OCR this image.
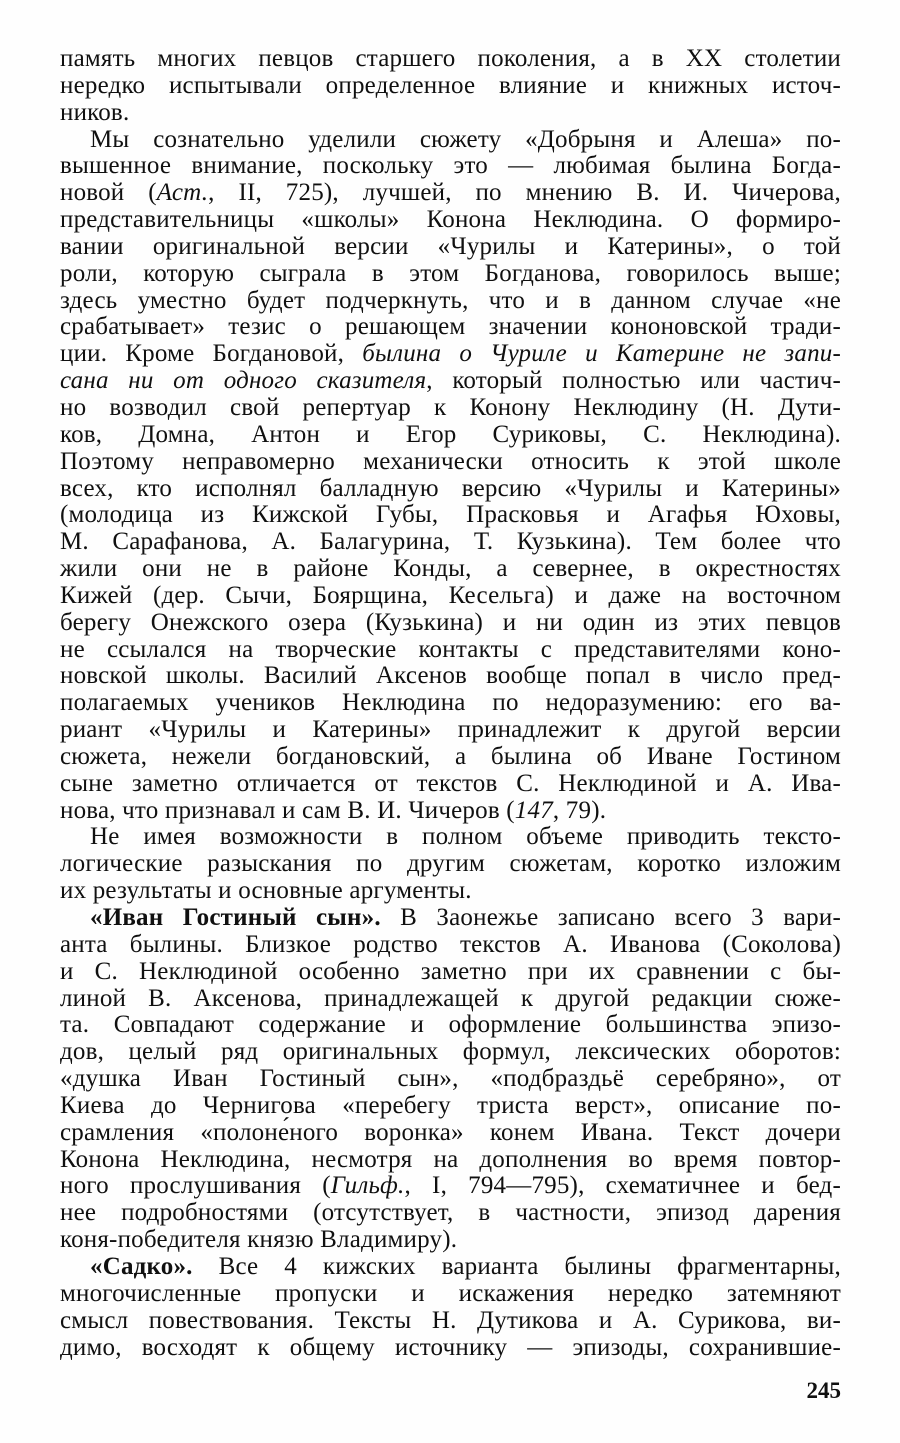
память многих певцов старшего поколения, а в XX столетии
нередко испытывали определенное влияние и книжных источ-
ников.
Мы сознательно уделили сюжету «Добрыня и Алеша» по-
вышенное внимание, поскольку это — любимая былина Богда-
новой (Аст., II, 725), лучшей, по мнению В. И. Чичерова,
представительницы «школы» Конона Неклюдина. О формиро-
вании оригинальной версии «Чурилы и Катерины», о той
роли, которую сыграла в этом Богданова, говорилось выше;
здесь уместно будет подчеркнуть, что и в данном случае «не
срабатывает» тезис о решающем значении кононовской тради-
ции. Кроме Богдановой, былина о Чуриле и Катерине не запи-
сана ни от одного сказителя, который полностью или частич-
но возводил свой репертуар к Конону Неклюдину (Н. Дути-
ков, Домна, Антон и Егор Суриковы, С. Неклюдина).
Поэтому неправомерно механически относить к этой школе
всех, кто исполнял балладную версию «Чурилы и Катерины»
(молодица из Кижской Губы, Прасковья и Агафья Юховы,
М. Сарафанова, А. Балагурина, Т. Кузькина). Тем более что
жили они не в районе Конды, а севернее, в окрестностях
Кижей (дер. Сычи, Боярщина, Кесельга) и даже на восточном
берегу Онежского озера (Кузькина) и ни один из этих певцов
не ссылался на творческие контакты с представителями коно-
новской школы. Василий Аксенов вообще попал в число пред-
полагаемых учеников Неклюдина по недоразумению: его ва-
риант «Чурилы и Катерины» принадлежит к другой версии
сюжета, нежели богдановский, а былина об Иване Гостином
сыне заметно отличается от текстов С. Неклюдиной и А. Ива-
нова, что признавал и сам В. И. Чичеров (147, 79).
Не имея возможности в полном объеме приводить тексто-
логические разыскания по другим сюжетам, коротко изложим
их результаты и основные аргументы.
«Иван Гостиный сын». В Заонежье записано всего 3 вари-
анта былины. Близкое родство текстов А. Иванова (Соколова)
и С. Неклюдиной особенно заметно при их сравнении с бы-
линой В. Аксенова, принадлежащей к другой редакции сюже-
та. Совпадают содержание и оформление большинства эпизо-
дов, целый ряд оригинальных формул, лексических оборотов:
«душка Иван Гостиный сын», «подбраздьё серебряно», от
Киева до Чернигова «перебегу триста верст», описание по-
срамления «полоне́ного воронка» конем Ивана. Текст дочери
Конона Неклюдина, несмотря на дополнения во время повтор-
ного прослушивания (Гильф., I, 794—795), схематичнее и бед-
нее подробностями (отсутствует, в частности, эпизод дарения
коня-победителя князю Владимиру).
«Садко». Все 4 кижских варианта былины фрагментарны,
многочисленные пропуски и искажения нередко затемняют
смысл повествования. Тексты Н. Дутикова и А. Сурикова, ви-
димо, восходят к общему источнику — эпизоды, сохранившие-
245
